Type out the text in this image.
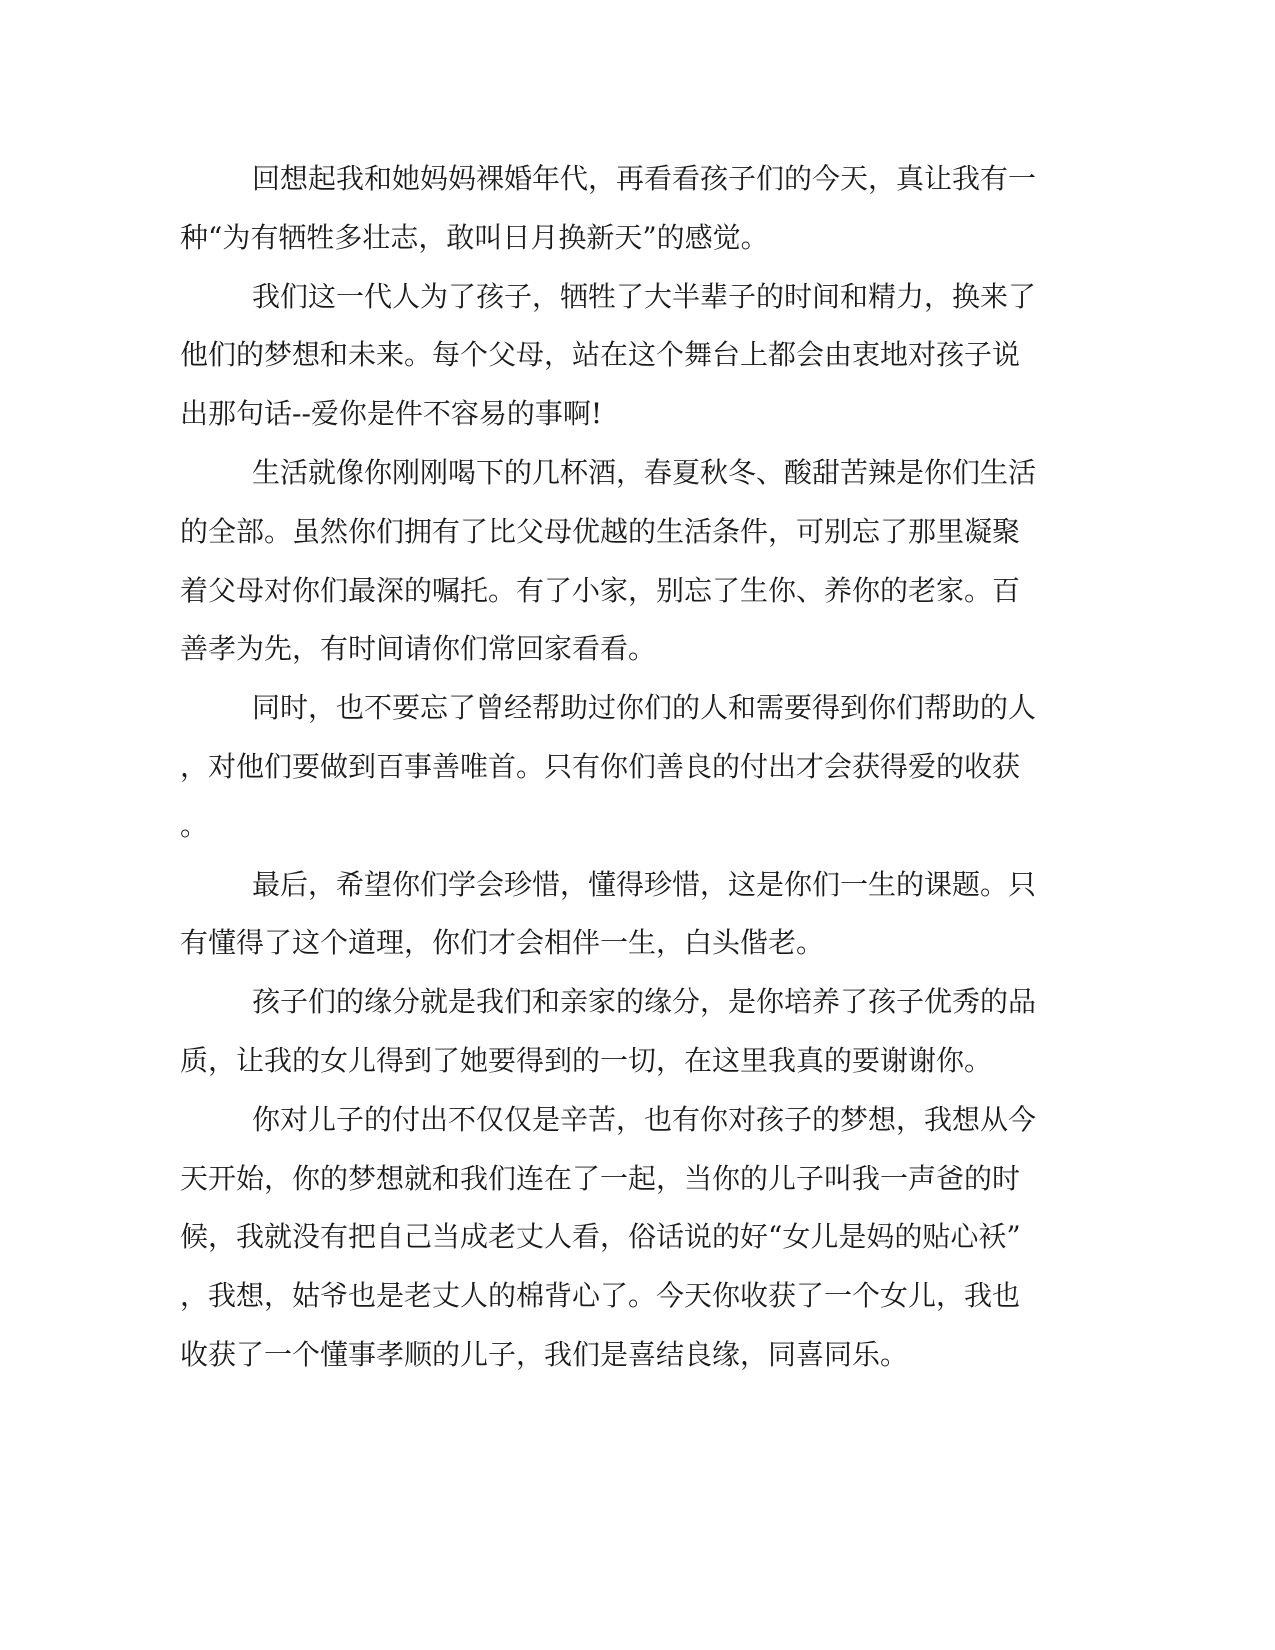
回想起我和她妈妈裸婚年代，再看看孩子们的今天，真让我有一
种“为有牺牲多壮志，敢叫日月换新天”的感觉。
我们这一代人为了孩子，牺牲了大半辈子的时间和精力，换来了
他们的梦想和未来。每个父母，站在这个舞台上都会由衷地对孩子说
出那句话--爱你是件不容易的事啊!
生活就像你刚刚喝下的几杯酒，春夏秋冬、酸甜苦辣是你们生活
的全部。虽然你们拥有了比父母优越的生活条件，可别忘了那里凝聚
着父母对你们最深的嘱托。有了小家，别忘了生你、养你的老家。百
善孝为先，有时间请你们常回家看看。
同时，也不要忘了曾经帮助过你们的人和需要得到你们帮助的人
，对他们要做到百事善唯首。只有你们善良的付出才会获得爱的收获
。
最后，希望你们学会珍惜，懂得珍惜，这是你们一生的课题。只
有懂得了这个道理，你们才会相伴一生，白头偕老。
孩子们的缘分就是我们和亲家的缘分，是你培养了孩子优秀的品
质，让我的女儿得到了她要得到的一切，在这里我真的要谢谢你。
你对儿子的付出不仅仅是辛苦，也有你对孩子的梦想，我想从今
天开始，你的梦想就和我们连在了一起，当你的儿子叫我一声爸的时
候，我就没有把自己当成老丈人看，俗话说的好“女儿是妈的贴心袄”
，我想，姑爷也是老丈人的棉背心了。今天你收获了一个女儿，我也
收获了一个懂事孝顺的儿子，我们是喜结良缘，同喜同乐。
